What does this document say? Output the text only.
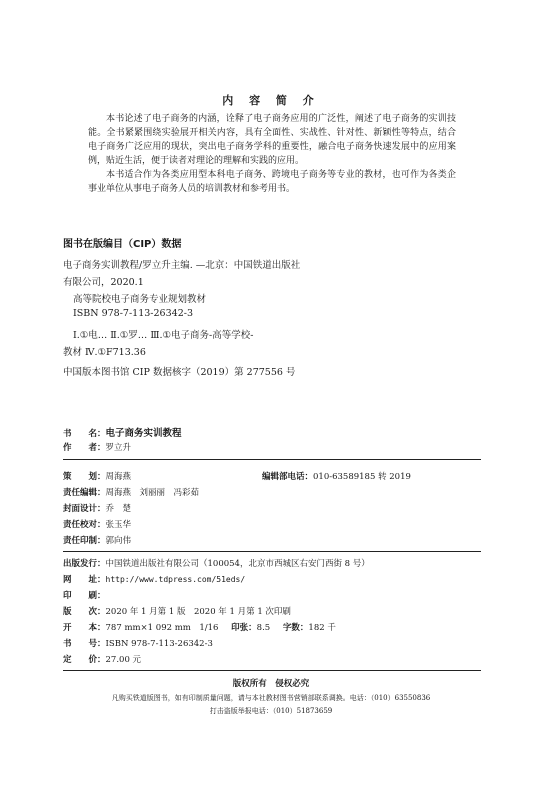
内 容 简 介

本书论述了电子商务的内涵，诠释了电子商务应用的广泛性，阐述了电子商务的实训技能。全书紧紧围绕实验展开相关内容，具有全面性、实战性、针对性、新颖性等特点，结合电子商务广泛应用的现状，突出电子商务学科的重要性，融合电子商务快速发展中的应用案例，贴近生活，便于读者对理论的理解和实践的应用。

本书适合作为各类应用型本科电子商务、跨境电子商务等专业的教材，也可作为各类企事业单位从事电子商务人员的培训教材和参考用书。

图书在版编目（CIP）数据
电子商务实训教程/罗立升主编. —北京：中国铁道出版社
有限公司，2020.1
高等院校电子商务专业规划教材
ISBN 978-7-113-26342-3
Ⅰ.①电… Ⅱ.①罗… Ⅲ.①电子商务-高等学校-
教材 Ⅳ.①F713.36
中国版本图书馆 CIP 数据核字（2019）第 277556 号
书　　名：电子商务实训教程
作　　者：罗立升
策　　划：周海燕	编辑部电话：010-63589185 转 2019
责任编辑：周海燕　刘丽丽　冯彩茹
封面设计：乔　楚
责任校对：张玉华
责任印制：郭向伟
出版发行：中国铁道出版社有限公司（100054，北京市西城区右安门西街 8 号）
网　　址：http://www.tdpress.com/51eds/
印　　刷：
版　　次：2020 年 1 月第 1 版　2020 年 1 月第 1 次印刷
开　　本：787 mm×1 092 mm　1/16 印张：8.5 字数：182 千
书　　号：ISBN 978-7-113-26342-3
定　　价：27.00 元
版权所有　侵权必究
凡购买铁道版图书，如有印制质量问题，请与本社教材图书营销部联系调换。电话：（010）63550836
打击盗版举报电话：（010）51873659
